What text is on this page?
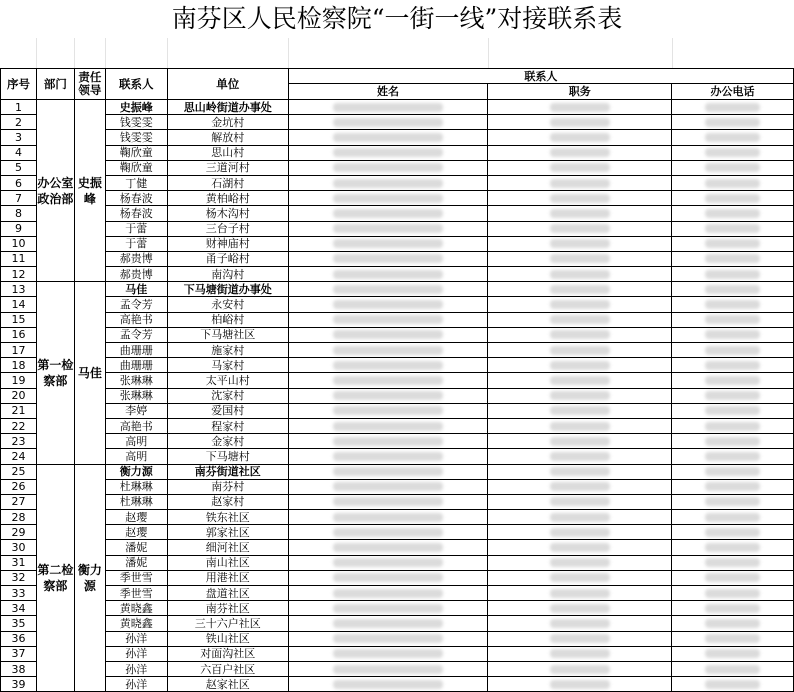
南芬区人民检察院“一街一线”对接联系表
序号	部门	责任领导	联系人	单位	联系人		
					姓名	职务	办公电话
1	办公室政治部	史振峰	史振峰	思山岭街道办事处	

2			钱雯雯	金坑村	

3			钱雯雯	解放村	

4			鞠欣童	思山村	

5			鞠欣童	三道河村	

6			丁健	石湖村	

7			杨春波	黄柏峪村	

8			杨春波	杨木沟村	

9			于蕾	三台子村	

10			于蕾	财神庙村	

11			郝贵博	甬子峪村	

12			郝贵博	南沟村	

13	第一检察部	马佳	马佳	下马塘街道办事处	

14			孟令芳	永安村	

15			高艳书	柏峪村	

16			孟令芳	下马塘社区	

17			曲珊珊	施家村	

18			曲珊珊	马家村	

19			张琳琳	太平山村	

20			张琳琳	沈家村	

21			李婷	爱国村	

22			高艳书	程家村	

23			高明	金家村	

24			高明	下马塘村	

25	第二检察部	衡力源	衡力源	南芬街道社区	

26			杜琳琳	南芬村	

27			杜琳琳	赵家村	

28			赵璎	铁东社区	

29			赵璎	郭家社区	

30			潘妮	细河社区	

31			潘妮	南山社区	

32			季世雪	用港社区	

33			季世雪	盘道社区	

34			黄晓鑫	南芬社区	

35			黄晓鑫	三十六户社区	

36			孙洋	铁山社区	

37			孙洋	对面沟社区	

38			孙洋	六百户社区	

39			孙洋	赵家社区	
